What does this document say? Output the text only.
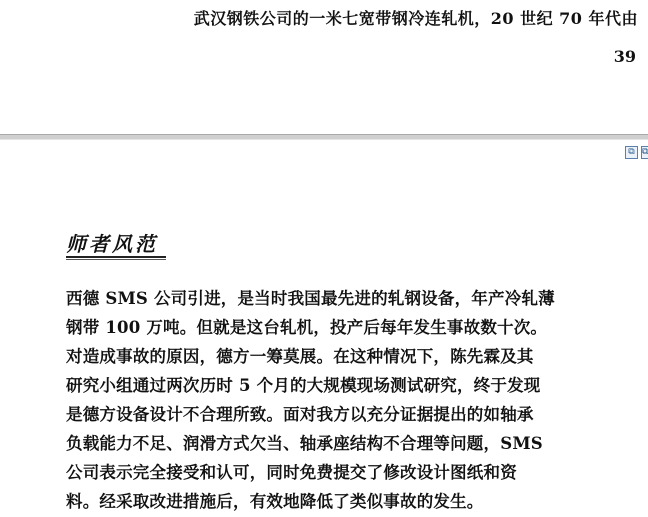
武汉钢铁公司的一米七宽带钢冷连轧机，20 世纪 70 年代由
39
⧉ ⧉
师者风范
西德 SMS 公司引进，是当时我国最先进的轧钢设备，年产冷轧薄
钢带 100 万吨。但就是这台轧机，投产后每年发生事故数十次。
对造成事故的原因，德方一筹莫展。在这种情况下，陈先霖及其
研究小组通过两次历时 5 个月的大规模现场测试研究，终于发现
是德方设备设计不合理所致。面对我方以充分证据提出的如轴承
负载能力不足、润滑方式欠当、轴承座结构不合理等问题，SMS
公司表示完全接受和认可，同时免费提交了修改设计图纸和资
料。经采取改进措施后，有效地降低了类似事故的发生。
